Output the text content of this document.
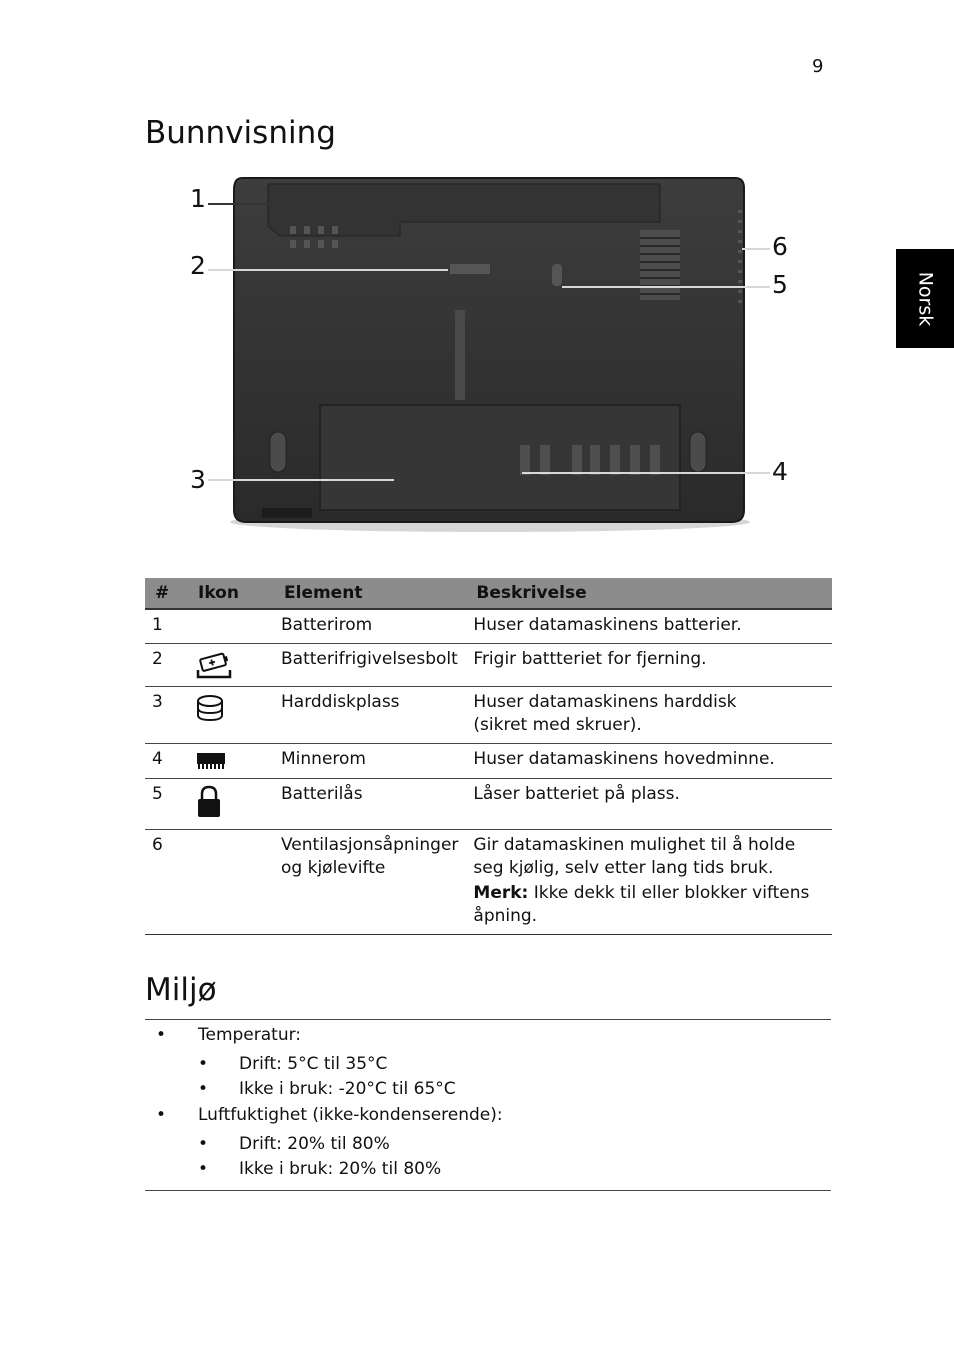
9
Norsk
Bunnvisning
1
2
3	4
5
6
#	Ikon	Element	Beskrivelse
1		Batterirom	Huser datamaskinens batterier.
2		Batterifrigivelsesbolt	Frigir battteriet for fjerning.
3		Harddiskplass	Huser datamaskinens harddisk
(sikret med skruer).
4		Minnerom	Huser datamaskinens hovedminne.
5		Batterilås	Låser batteriet på plass.
6		Ventilasjonsåpninger
og kjølevifte	Gir datamaskinen mulighet til å holde
seg kjølig, selv etter lang tids bruk.
Merk: Ikke dekk til eller blokker viftens
åpning.
Miljø
• Temperatur:
• Drift: 5°C til 35°C
• Ikke i bruk: -20°C til 65°C
• Luftfuktighet (ikke-kondenserende):
• Drift: 20% til 80%
• Ikke i bruk: 20% til 80%
